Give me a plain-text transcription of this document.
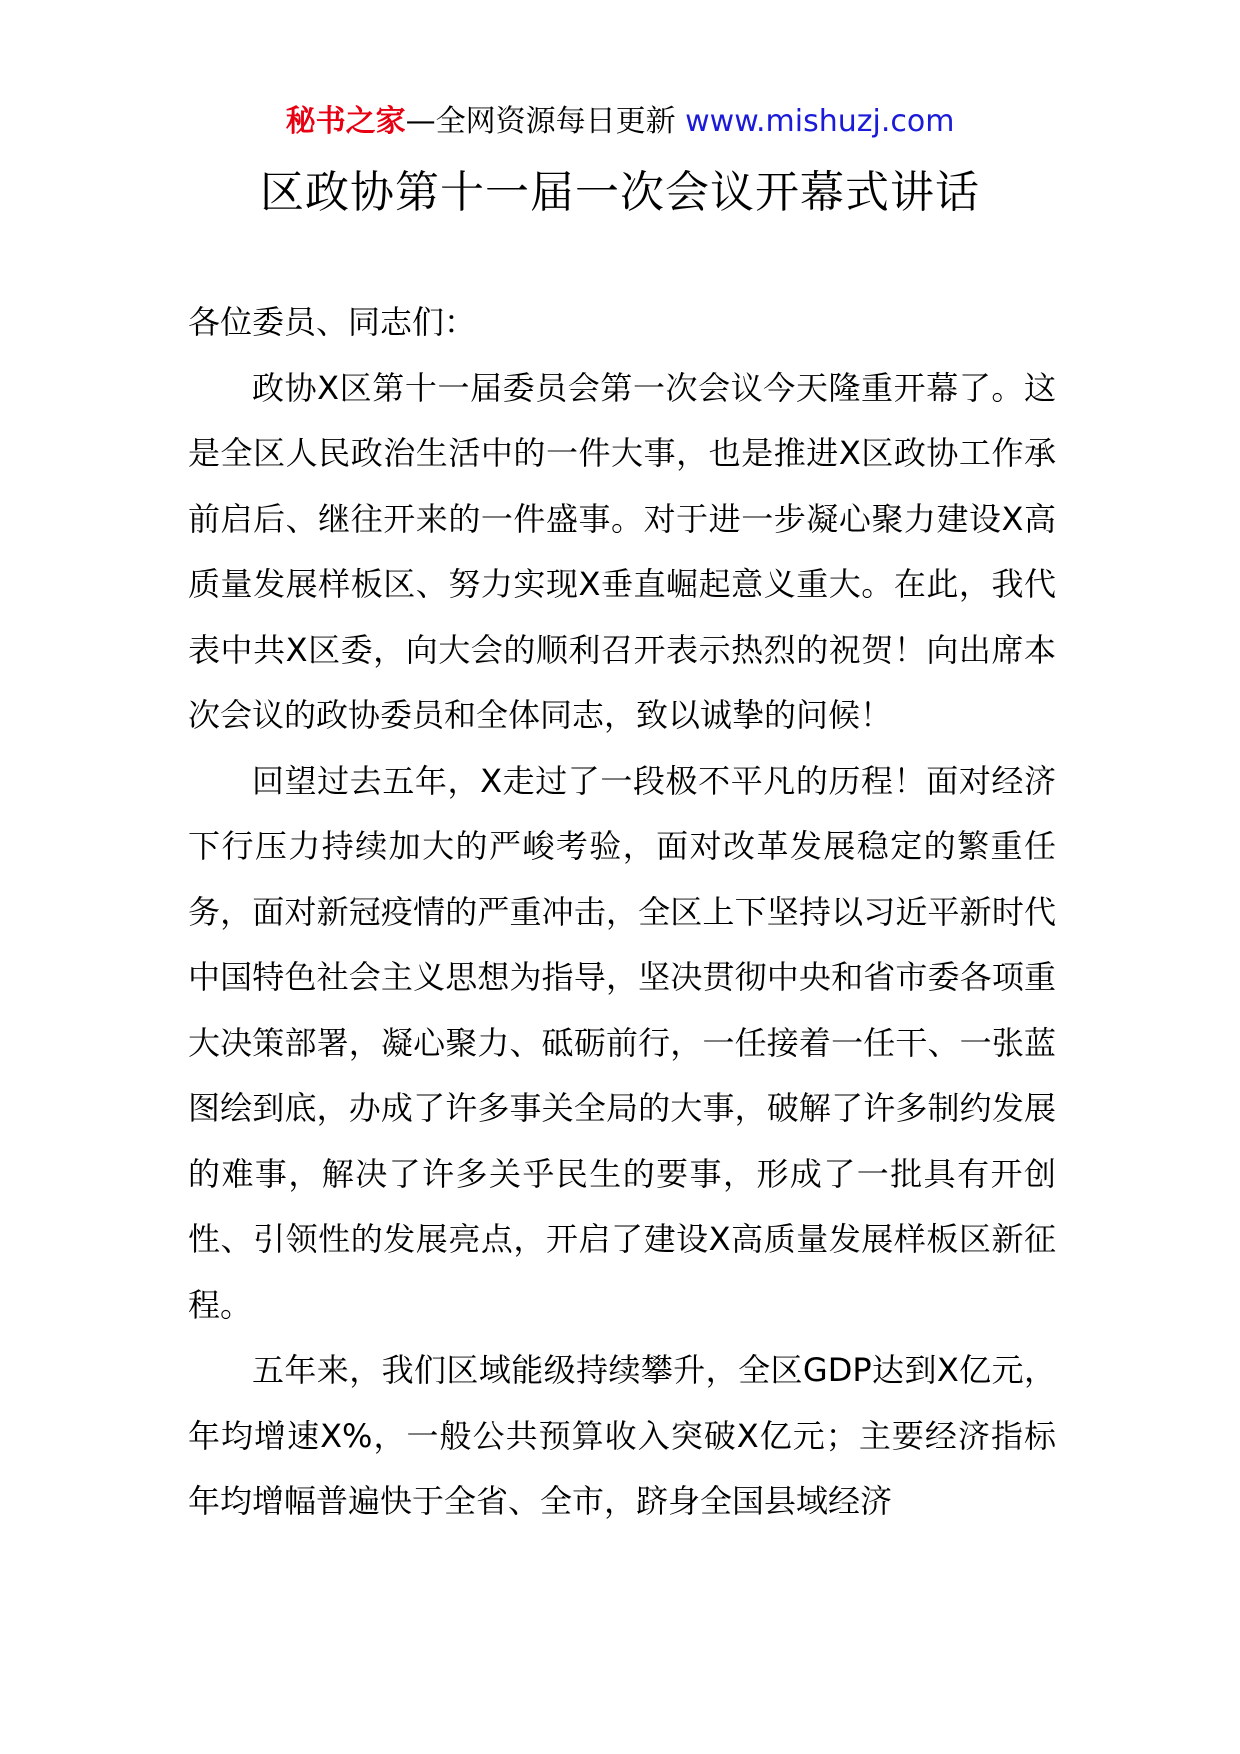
秘书之家—全网资源每日更新 www.mishuzj.com
区政协第十一届一次会议开幕式讲话

各位委员、同志们：

政协X区第十一届委员会第一次会议今天隆重开幕了。这是全区人民政治生活中的一件大事，也是推进X区政协工作承前启后、继往开来的一件盛事。对于进一步凝心聚力建设X高质量发展样板区、努力实现X垂直崛起意义重大。在此，我代表中共X区委，向大会的顺利召开表示热烈的祝贺！向出席本次会议的政协委员和全体同志，致以诚挚的问候！

回望过去五年，X走过了一段极不平凡的历程！面对经济下行压力持续加大的严峻考验，面对改革发展稳定的繁重任务，面对新冠疫情的严重冲击，全区上下坚持以习近平新时代中国特色社会主义思想为指导，坚决贯彻中央和省市委各项重大决策部署，凝心聚力、砥砺前行，一任接着一任干、一张蓝图绘到底，办成了许多事关全局的大事，破解了许多制约发展的难事，解决了许多关乎民生的要事，形成了一批具有开创性、引领性的发展亮点，开启了建设X高质量发展样板区新征程。

五年来，我们区域能级持续攀升，全区GDP达到X亿元，年均增速X%，一般公共预算收入突破X亿元；主要经济指标年均增幅普遍快于全省、全市，跻身全国县域经济
